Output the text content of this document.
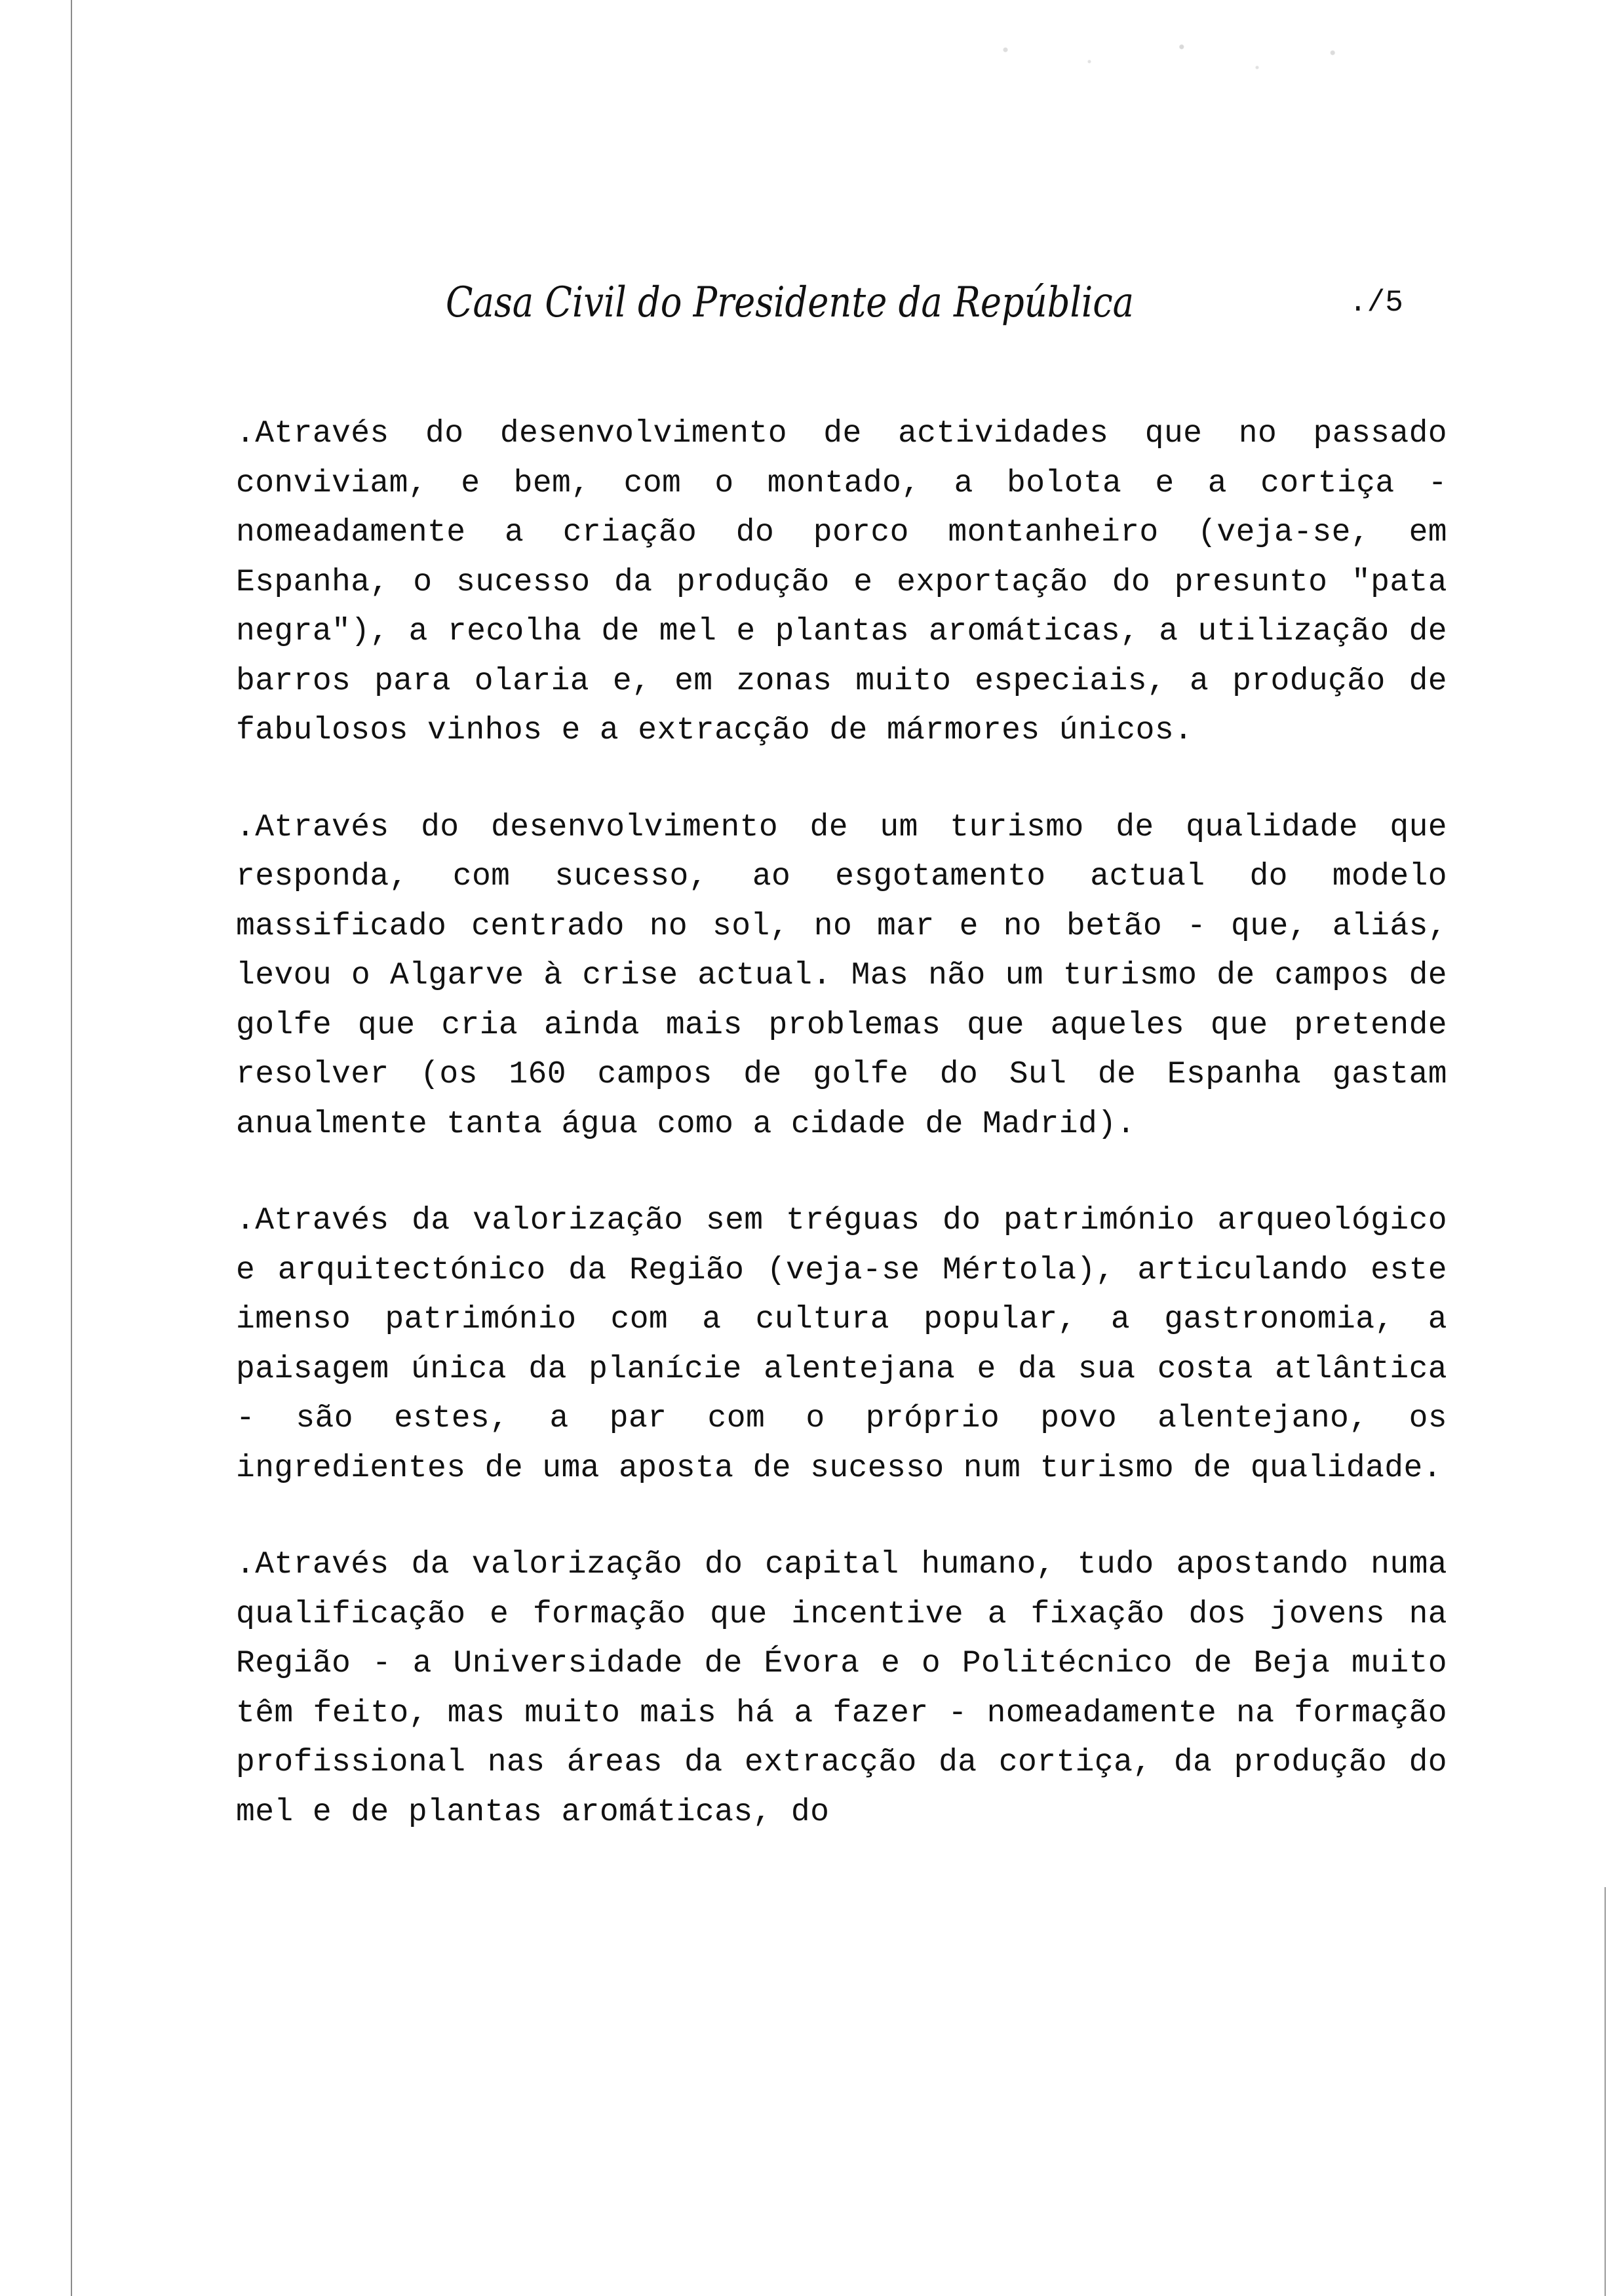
Casa Civil do Presidente da República	./5

.Através do desenvolvimento de actividades que no passado conviviam, e bem, com o montado, a bolota e a cortiça - nomeadamente a criação do porco montanheiro (veja-se, em Espanha, o sucesso da produção e exportação do presunto "pata negra"), a recolha de mel e plantas aromáticas, a utilização de barros para olaria e, em zonas muito especiais, a produção de fabulosos vinhos e a extracção de mármores únicos.

.Através do desenvolvimento de um turismo de qualidade que responda, com sucesso, ao esgotamento actual do modelo massificado centrado no sol, no mar e no betão - que, aliás, levou o Algarve à crise actual. Mas não um turismo de campos de golfe que cria ainda mais problemas que aqueles que pretende resolver (os 160 campos de golfe do Sul de Espanha gastam anualmente tanta água como a cidade de Madrid).

.Através da valorização sem tréguas do património arqueológico e arquitectónico da Região (veja-se Mértola), articulando este imenso património com a cultura popular, a gastronomia, a paisagem única da planície alentejana e da sua costa atlântica - são estes, a par com o próprio povo alentejano, os ingredientes de uma aposta de sucesso num turismo de qualidade.

.Através da valorização do capital humano, tudo apostando numa qualificação e formação que incentive a fixação dos jovens na Região - a Universidade de Évora e o Politécnico de Beja muito têm feito, mas muito mais há a fazer - nomeadamente na formação profissional nas áreas da extracção da cortiça, da produção do mel e de plantas aromáticas, do
